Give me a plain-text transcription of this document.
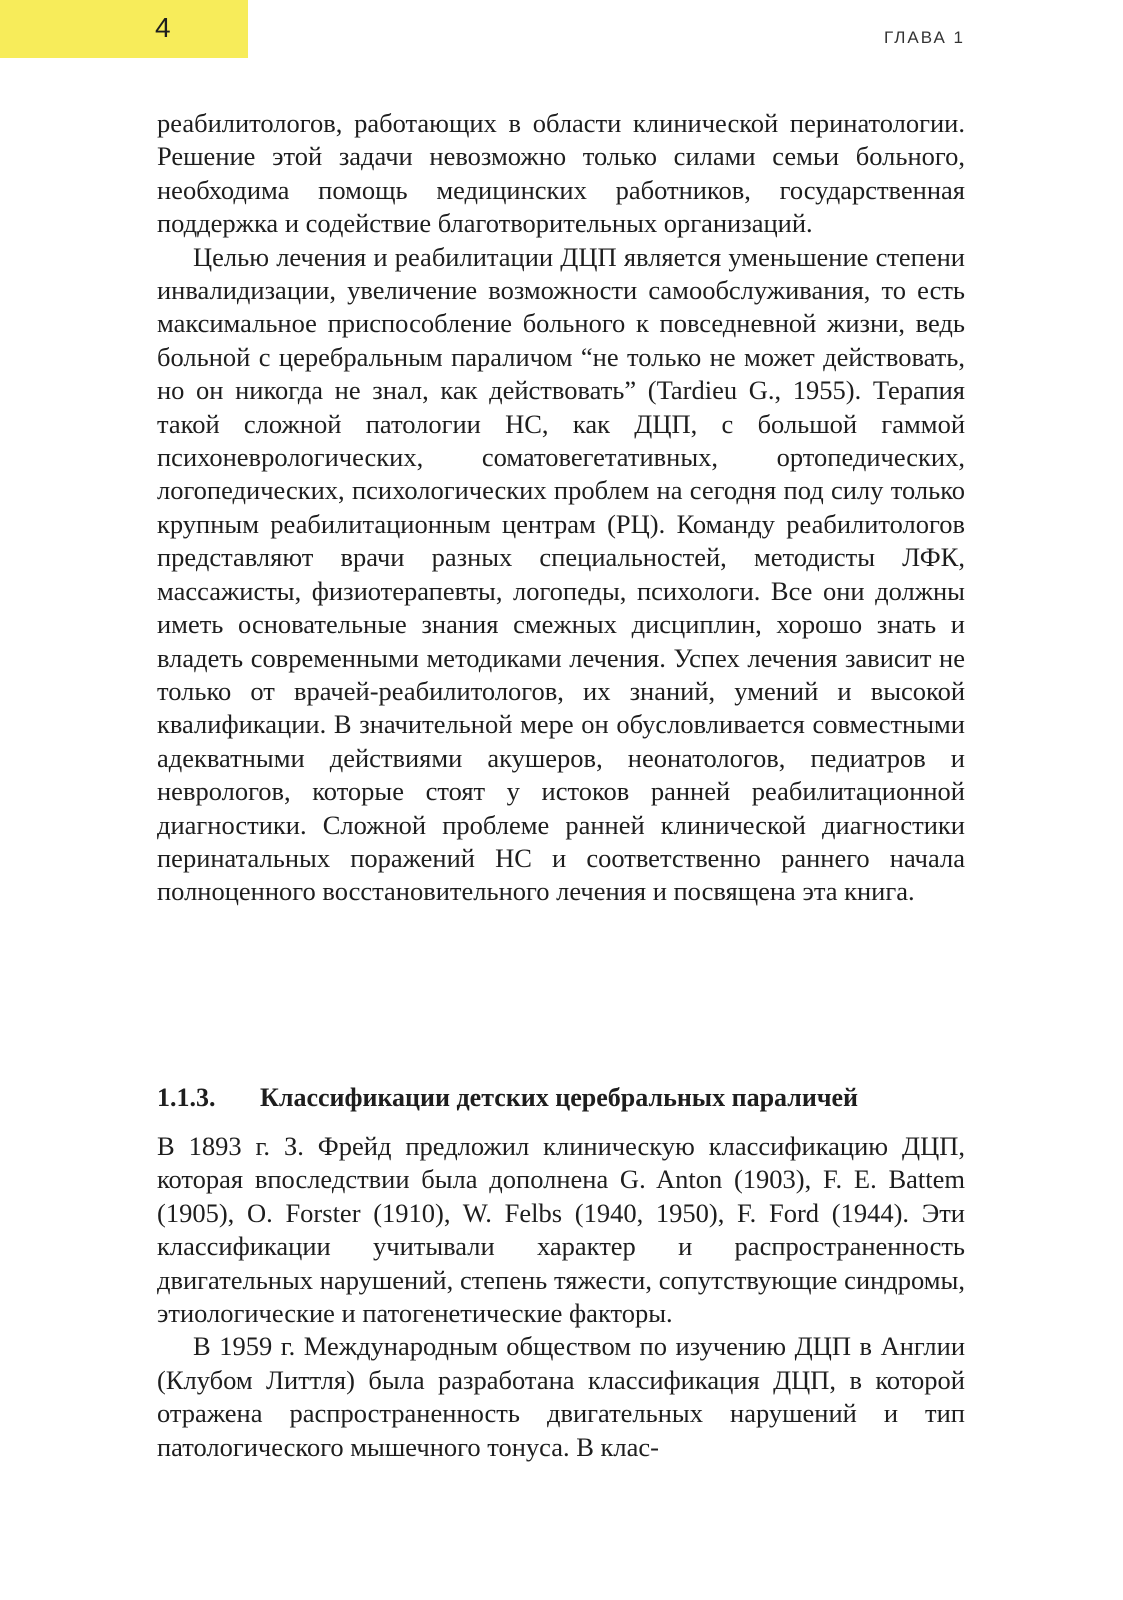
4	ГЛАВА 1

реабилитологов, работающих в области клинической перинатологии. Решение этой задачи невозможно только силами семьи больного, необходима помощь медицинских работников, государственная поддержка и содействие благотворительных организаций.

Целью лечения и реабилитации ДЦП является уменьшение степени инвалидизации, увеличение возможности самообслуживания, то есть максимальное приспособление больного к повседневной жизни, ведь больной с церебральным параличом “не только не может действовать, но он никогда не знал, как действовать” (Tardieu G., 1955). Терапия такой сложной патологии НС, как ДЦП, с большой гаммой психоневрологических, соматовегетативных, ортопедических, логопедических, психологических проблем на сегодня под силу только крупным реабилитационным центрам (РЦ). Команду реабилитологов представляют врачи разных специальностей, методисты ЛФК, массажисты, физиотерапевты, логопеды, психологи. Все они должны иметь основательные знания смежных дисциплин, хорошо знать и владеть современными методиками лечения. Успех лечения зависит не только от врачей-реабилитологов, их знаний, умений и высокой квалификации. В значительной мере он обусловливается совместными адекватными действиями акушеров, неонатологов, педиатров и неврологов, которые стоят у истоков ранней реабилитационной диагностики. Сложной проблеме ранней клинической диагностики перинатальных поражений НС и соответственно раннего начала полноценного восстановительного лечения и посвящена эта книга.

1.1.3. Классификации детских церебральных параличей

В 1893 г. З. Фрейд предложил клиническую классификацию ДЦП, которая впоследствии была дополнена G. Anton (1903), F. E. Battem (1905), O. Forster (1910), W. Felbs (1940, 1950), F. Ford (1944). Эти классификации учитывали характер и распространенность двигательных нарушений, степень тяжести, сопутствующие синдромы, этиологические и патогенетические факторы.

В 1959 г. Международным обществом по изучению ДЦП в Англии (Клубом Литтля) была разработана классификация ДЦП, в которой отражена распространенность двигательных нарушений и тип патологического мышечного тонуса. В клас-
